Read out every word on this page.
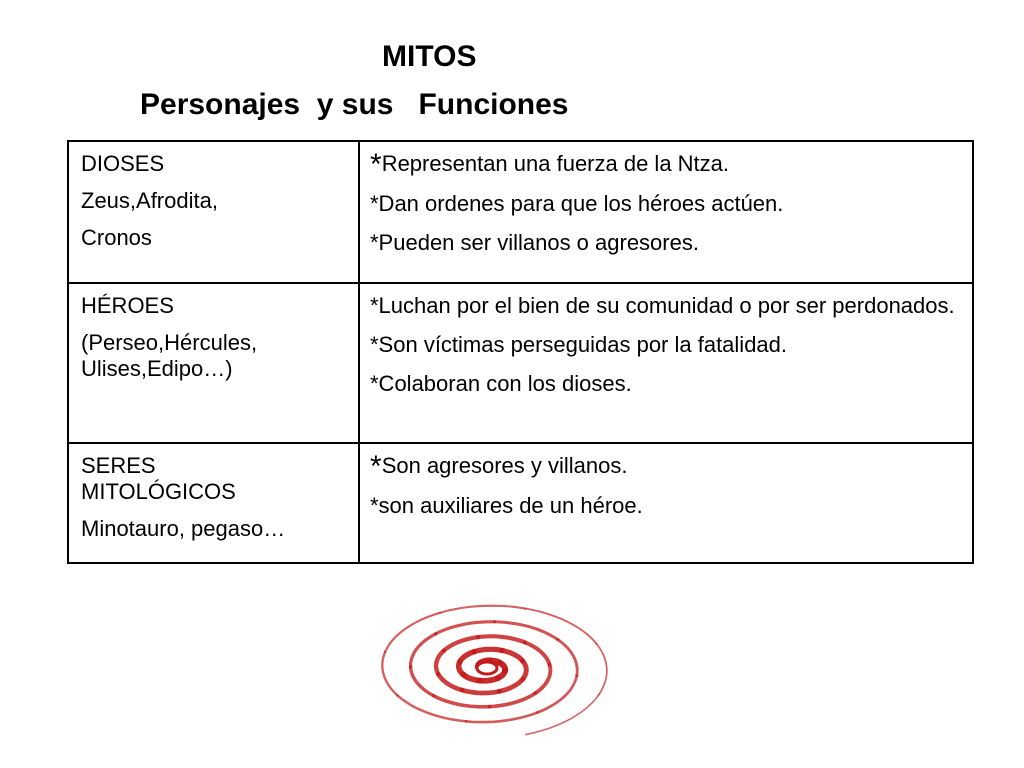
MITOS
Personajes  y sus   Funciones
DIOSES
Zeus,Afrodita,
Cronos
*Representan una fuerza de la Ntza.
*Dan ordenes para que los héroes actúen.
*Pueden ser villanos o agresores.
HÉROES
(Perseo,Hércules, Ulises,Edipo…)
*Luchan por el bien de su comunidad o por ser perdonados.
*Son víctimas perseguidas por la fatalidad.
*Colaboran con los dioses.
SERES MITOLÓGICOS
Minotauro, pegaso…
*Son agresores y villanos.
*son auxiliares de un héroe.
